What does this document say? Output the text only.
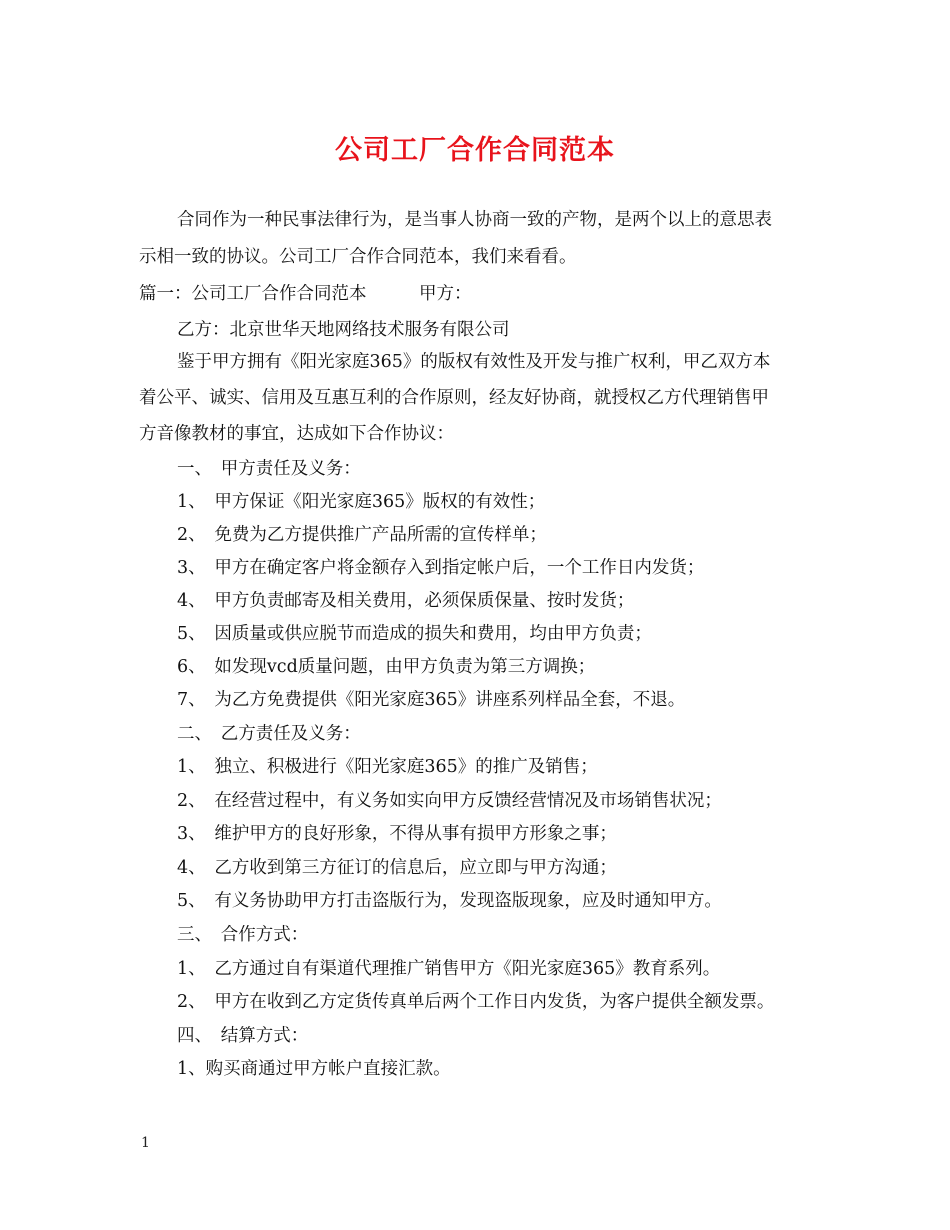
公司工厂合作合同范本
合同作为一种民事法律行为，是当事人协商一致的产物，是两个以上的意思表
示相一致的协议。公司工厂合作合同范本，我们来看看。
篇一：公司工厂合作合同范本　　　甲方：
乙方：北京世华天地网络技术服务有限公司
鉴于甲方拥有《阳光家庭365》的版权有效性及开发与推广权利，甲乙双方本
着公平、诚实、信用及互惠互利的合作原则，经友好协商，就授权乙方代理销售甲
方音像教材的事宜，达成如下合作协议：
一、　甲方责任及义务：
1、　甲方保证《阳光家庭365》版权的有效性；
2、　免费为乙方提供推广产品所需的宣传样单；
3、　甲方在确定客户将金额存入到指定帐户后，一个工作日内发货；
4、　甲方负责邮寄及相关费用，必须保质保量、按时发货；
5、　因质量或供应脱节而造成的损失和费用，均由甲方负责；
6、　如发现vcd质量问题，由甲方负责为第三方调换；
7、　为乙方免费提供《阳光家庭365》讲座系列样品全套，不退。
二、　乙方责任及义务：
1、　独立、积极进行《阳光家庭365》的推广及销售；
2、　在经营过程中，有义务如实向甲方反馈经营情况及市场销售状况；
3、　维护甲方的良好形象，不得从事有损甲方形象之事；
4、　乙方收到第三方征订的信息后，应立即与甲方沟通；
5、　有义务协助甲方打击盗版行为，发现盗版现象，应及时通知甲方。
三、　合作方式：
1、　乙方通过自有渠道代理推广销售甲方《阳光家庭365》教育系列。
2、　甲方在收到乙方定货传真单后两个工作日内发货，为客户提供全额发票。
四、　结算方式：
1、购买商通过甲方帐户直接汇款。
1
